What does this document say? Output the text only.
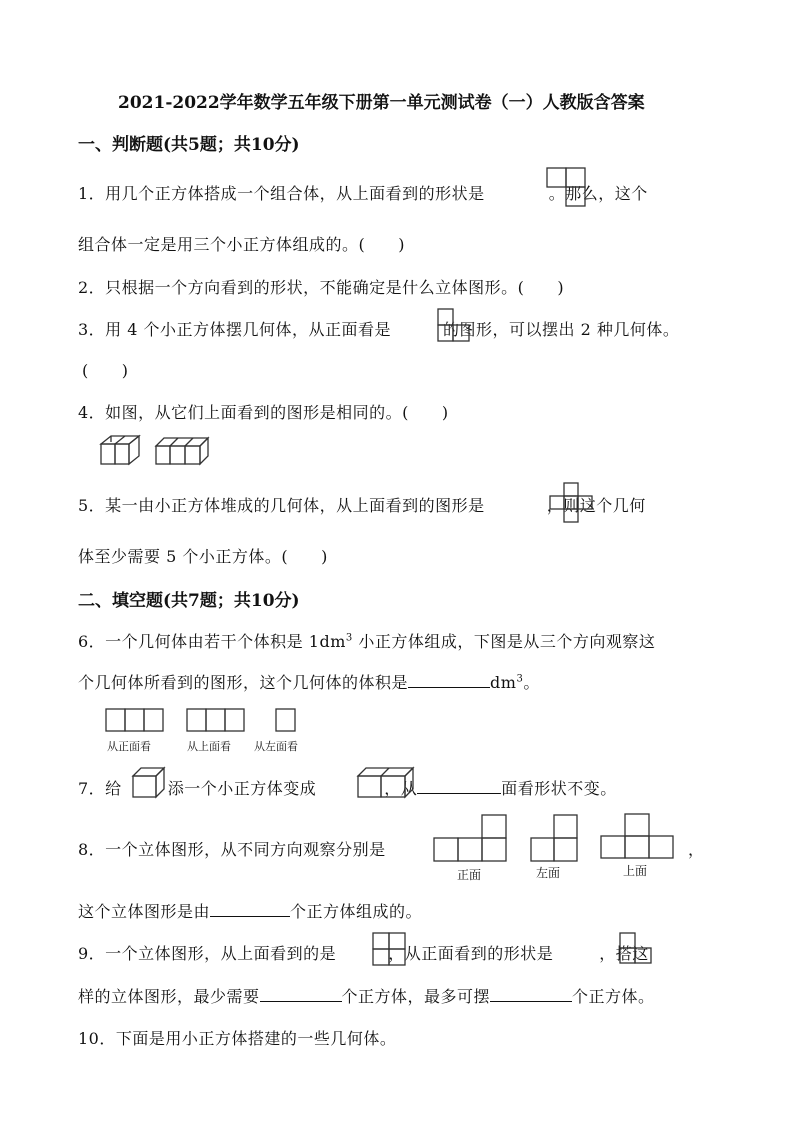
2021-2022学年数学五年级下册第一单元测试卷（一）人教版含答案
一、判断题(共5题；共10分)
1．用几个正方体搭成一个组合体，从上面看到的形状是	。那么，这个
组合体一定是用三个小正方体组成的。(　　)
2．只根据一个方向看到的形状，不能确定是什么立体图形。(　　)
3．用 4 个小正方体摆几何体，从正面看是	的图形，可以摆出 2 种几何体。
(　　)
4．如图，从它们上面看到的图形是相同的。(　　)
5．某一由小正方体堆成的几何体，从上面看到的图形是	，则这个几何
体至少需要 5 个小正方体。(　　)
二、填空题(共7题；共10分)
6．一个几何体由若干个体积是 $1dm^3$ 小正方体组成，下图是从三个方向观察这
个几何体所看到的图形，这个几何体的体积是	$dm^3$。
从正面看	从上面看 从左面看
7．给	添一个小正方体变成	，从	面看形状不变。
8．一个立体图形，从不同方向观察分别是	，
正面	左面	上面
这个立体图形是由	个正方体组成的。
9．一个立体图形，从上面看到的是	，从正面看到的形状是	，搭这
样的立体图形，最少需要	个正方体，最多可摆	个正方体。
10．下面是用小正方体搭建的一些几何体。
